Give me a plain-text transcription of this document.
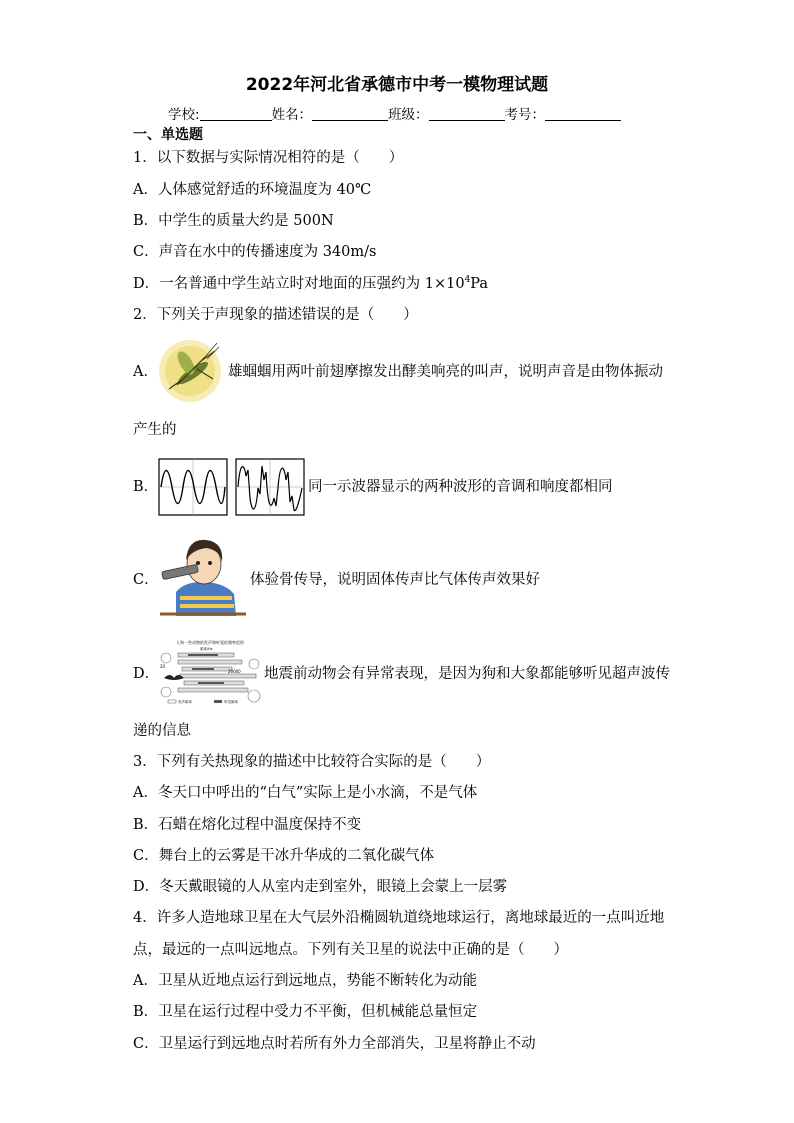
2022年河北省承德市中考一模物理试题
学校:	姓名：	班级：	考号：
一、单选题
1．以下数据与实际情况相符的是（　　）
A．人体感觉舒适的环境温度为 40℃
B．中学生的质量大约是 500N
C．声音在水中的传播速度为 340m/s
D．一名普通中学生站立时对地面的压强约为 $1\times 10^4Pa$
2．下列关于声现象的描述错误的是（　　）
A．	雄蝈蝈用两叶前翅摩擦发出酵美响亮的叫声，说明声音是由物体振动
产生的
B．	同一示波器显示的两种波形的音调和响度都相同
C．	体验骨传导，说明固体传声比气体传声效果好
D．
人和一些动物的发声和听觉的频率范围
频率/Hz
20
20000
发声频率	听觉频率
地震前动物会有异常表现，是因为狗和大象都能够听见超声波传
递的信息
3．下列有关热现象的描述中比较符合实际的是（　　）
A．冬天口中呼出的“白气”实际上是小水滴，不是气体
B．石蜡在熔化过程中温度保持不变
C．舞台上的云雾是干冰升华成的二氧化碳气体
D．冬天戴眼镜的人从室内走到室外，眼镜上会蒙上一层雾
4．许多人造地球卫星在大气层外沿椭圆轨道绕地球运行，离地球最近的一点叫近地
点，最远的一点叫远地点。下列有关卫星的说法中正确的是（　　）
A．卫星从近地点运行到远地点，势能不断转化为动能
B．卫星在运行过程中受力不平衡，但机械能总量恒定
C．卫星运行到远地点时若所有外力全部消失，卫星将静止不动
